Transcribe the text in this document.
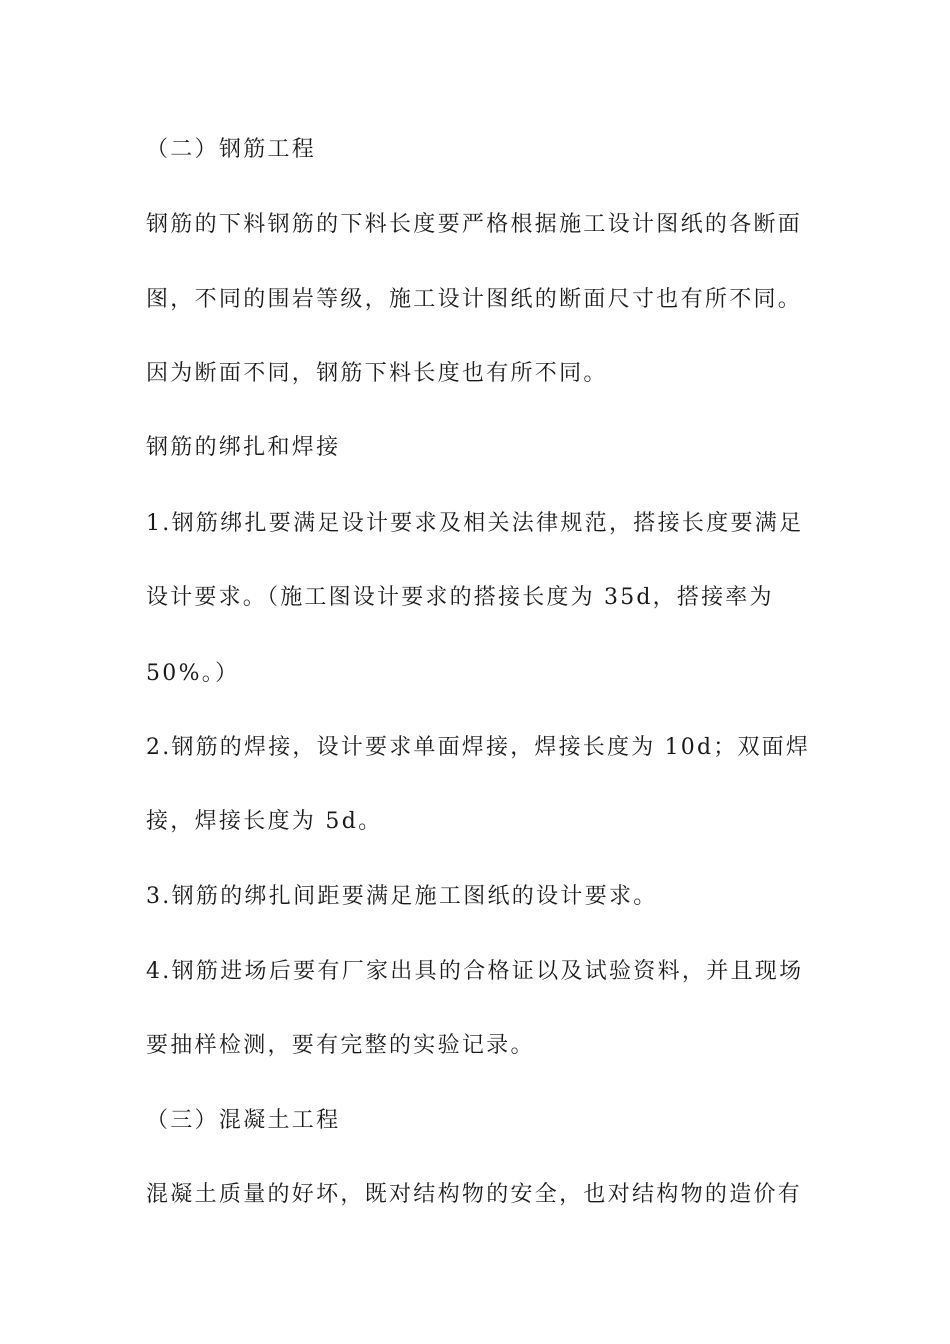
（二）钢筋工程
钢筋的下料钢筋的下料长度要严格根据施工设计图纸的各断面
图，不同的围岩等级，施工设计图纸的断面尺寸也有所不同。
因为断面不同，钢筋下料长度也有所不同。
钢筋的绑扎和焊接
1.钢筋绑扎要满足设计要求及相关法律规范，搭接长度要满足
设计要求。（施工图设计要求的搭接长度为 35d，搭接率为
50%。）
2.钢筋的焊接，设计要求单面焊接，焊接长度为 10d；双面焊
接，焊接长度为 5d。
3.钢筋的绑扎间距要满足施工图纸的设计要求。
4.钢筋进场后要有厂家出具的合格证以及试验资料，并且现场
要抽样检测，要有完整的实验记录。
（三）混凝土工程
混凝土质量的好坏，既对结构物的安全，也对结构物的造价有
